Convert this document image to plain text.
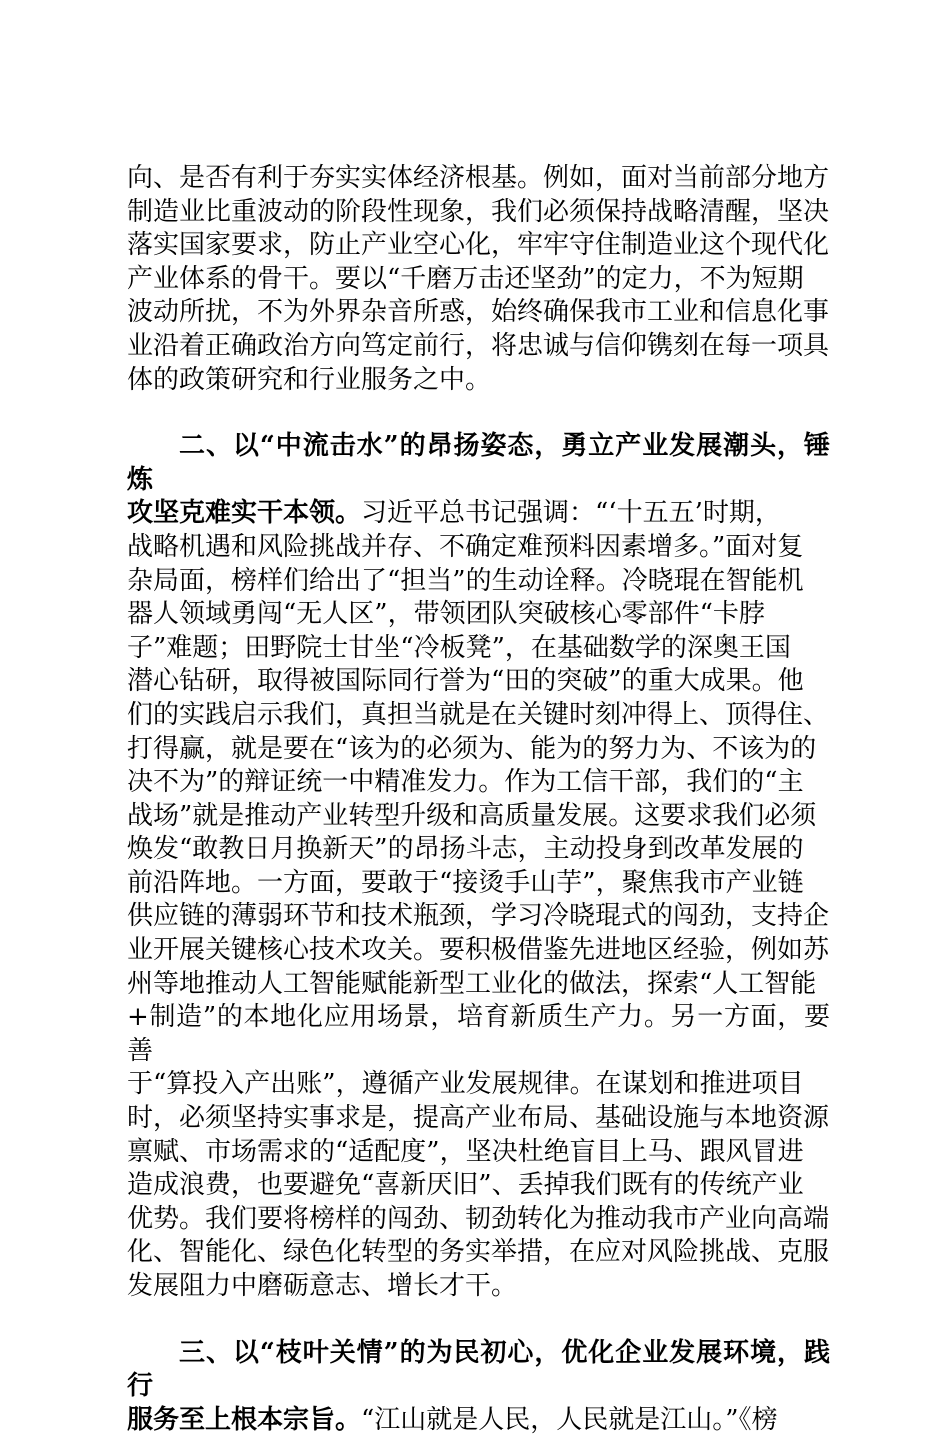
向、是否有利于夯实实体经济根基。例如，面对当前部分地方
制造业比重波动的阶段性现象，我们必须保持战略清醒，坚决
落实国家要求，防止产业空心化，牢牢守住制造业这个现代化
产业体系的骨干。要以“千磨万击还坚劲”的定力，不为短期
波动所扰，不为外界杂音所惑，始终确保我市工业和信息化事
业沿着正确政治方向笃定前行，将忠诚与信仰镌刻在每一项具
体的政策研究和行业服务之中。

二、以“中流击水”的昂扬姿态，勇立产业发展潮头，锤炼
攻坚克难实干本领。习近平总书记强调：“‘十五五’时期，
战略机遇和风险挑战并存、不确定难预料因素增多。”面对复
杂局面，榜样们给出了“担当”的生动诠释。冷晓琨在智能机
器人领域勇闯“无人区”，带领团队突破核心零部件“卡脖
子”难题；田野院士甘坐“冷板凳”，在基础数学的深奥王国
潜心钻研，取得被国际同行誉为“田的突破”的重大成果。他
们的实践启示我们，真担当就是在关键时刻冲得上、顶得住、
打得赢，就是要在“该为的必须为、能为的努力为、不该为的
决不为”的辩证统一中精准发力。作为工信干部，我们的“主
战场”就是推动产业转型升级和高质量发展。这要求我们必须
焕发“敢教日月换新天”的昂扬斗志，主动投身到改革发展的
前沿阵地。一方面，要敢于“接烫手山芋”，聚焦我市产业链
供应链的薄弱环节和技术瓶颈，学习冷晓琨式的闯劲，支持企
业开展关键核心技术攻关。要积极借鉴先进地区经验，例如苏
州等地推动人工智能赋能新型工业化的做法，探索“人工智能
+制造”的本地化应用场景，培育新质生产力。另一方面，要善
于“算投入产出账”，遵循产业发展规律。在谋划和推进项目
时，必须坚持实事求是，提高产业布局、基础设施与本地资源
禀赋、市场需求的“适配度”，坚决杜绝盲目上马、跟风冒进
造成浪费，也要避免“喜新厌旧”、丢掉我们既有的传统产业
优势。我们要将榜样的闯劲、韧劲转化为推动我市产业向高端
化、智能化、绿色化转型的务实举措，在应对风险挑战、克服
发展阻力中磨砺意志、增长才干。

三、以“枝叶关情”的为民初心，优化企业发展环境，践行
服务至上根本宗旨。“江山就是人民，人民就是江山。”《榜
